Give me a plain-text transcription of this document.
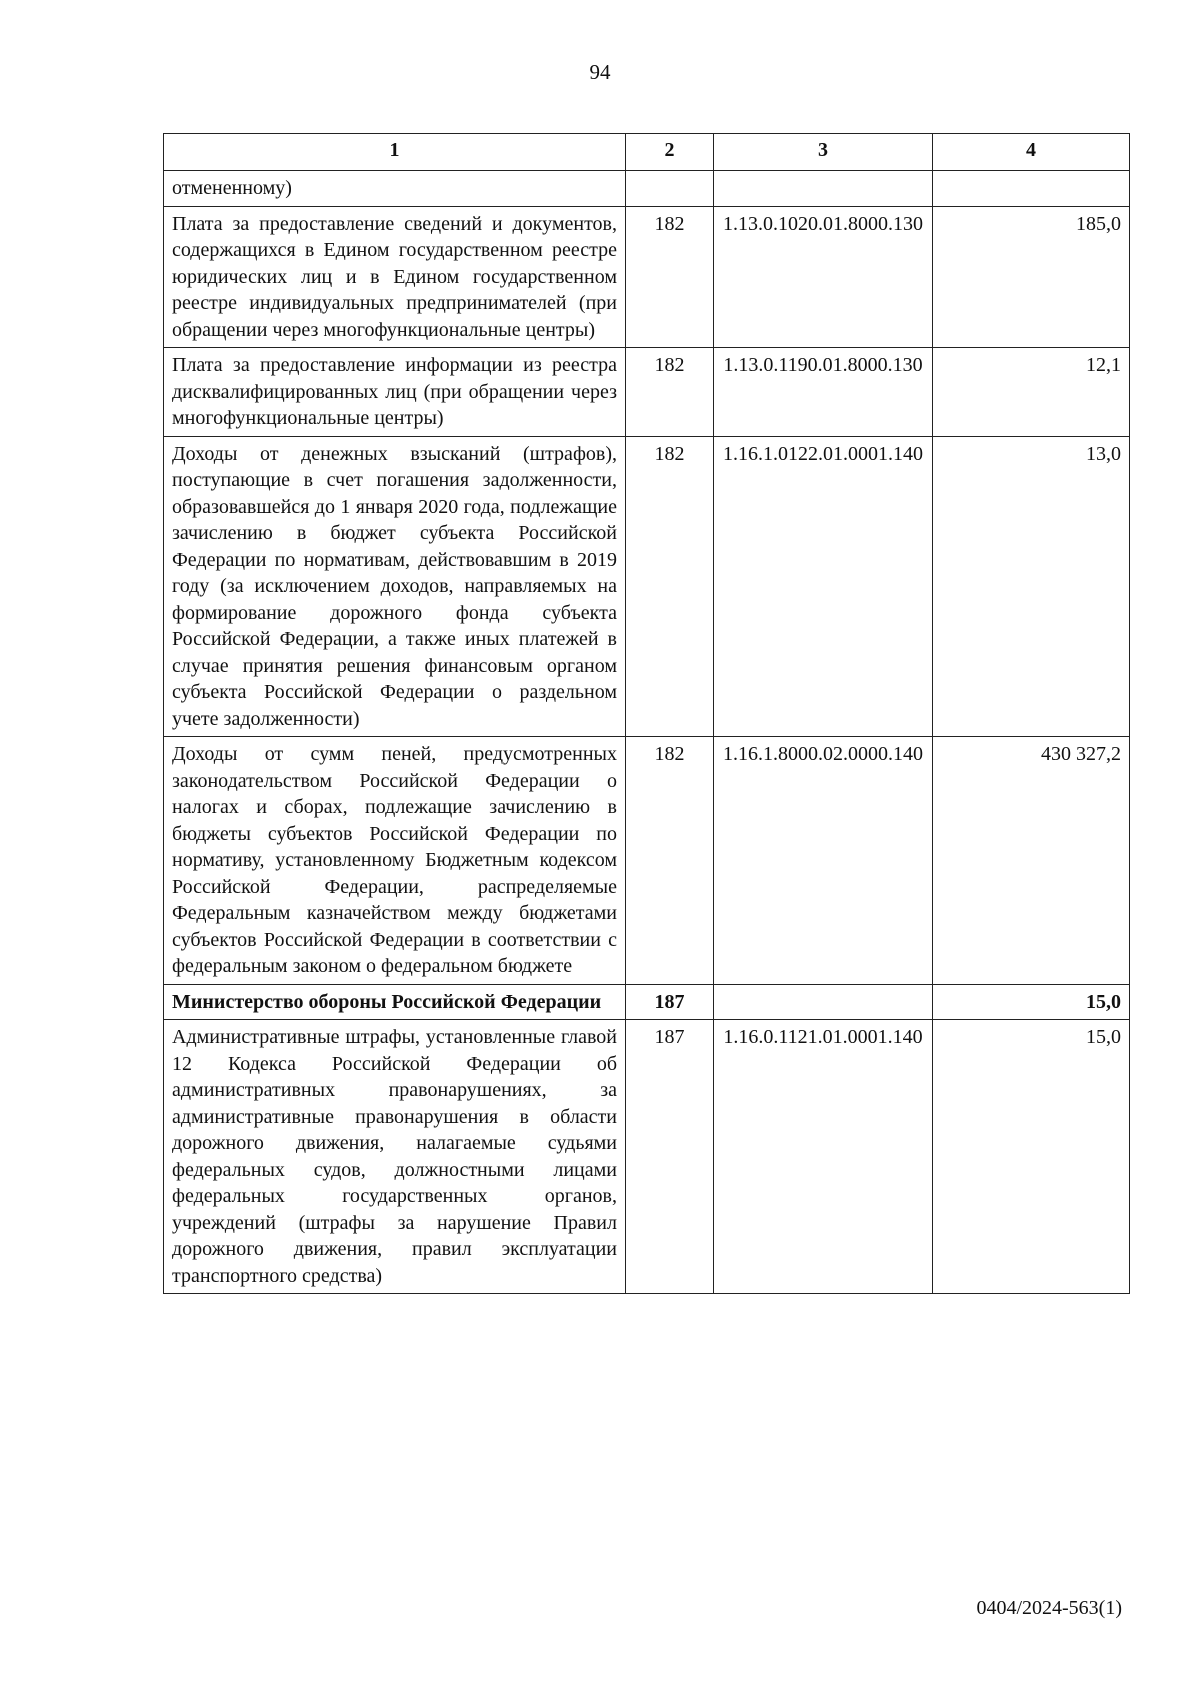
94
1	2	3	4
отмененному)			
Плата за предоставление сведений и документов, содержащихся в Едином государственном реестре юридических лиц и в Едином государственном реестре индивидуальных предпринимателей (при обращении через многофункциональные центры)	182	1.13.0.1020.01.8000.130	185,0
Плата за предоставление информации из реестра дисквалифицированных лиц (при обращении через многофункциональные центры)	182	1.13.0.1190.01.8000.130	12,1
Доходы от денежных взысканий (штрафов), поступающие в счет погашения задолженности, образовавшейся до 1 января 2020 года, подлежащие зачислению в бюджет субъекта Российской Федерации по нормативам, действовавшим в 2019 году (за исключением доходов, направляемых на формирование дорожного фонда субъекта Российской Федерации, а также иных платежей в случае принятия решения финансовым органом субъекта Российской Федерации о раздельном учете задолженности)	182	1.16.1.0122.01.0001.140	13,0
Доходы от сумм пеней, предусмотренных законодательством Российской Федерации о налогах и сборах, подлежащие зачислению в бюджеты субъектов Российской Федерации по нормативу, установленному Бюджетным кодексом Российской Федерации, распределяемые Федеральным казначейством между бюджетами субъектов Российской Федерации в соответствии с федеральным законом о федеральном бюджете	182	1.16.1.8000.02.0000.140	430 327,2
Министерство обороны Российской Федерации	187		15,0
Административные штрафы, установленные главой 12 Кодекса Российской Федерации об административных правонарушениях, за административные правонарушения в области дорожного движения, налагаемые судьями федеральных судов, должностными лицами федеральных государственных органов, учреждений (штрафы за нарушение Правил дорожного движения, правил эксплуатации транспортного средства)	187	1.16.0.1121.01.0001.140	15,0
0404/2024-563(1)
